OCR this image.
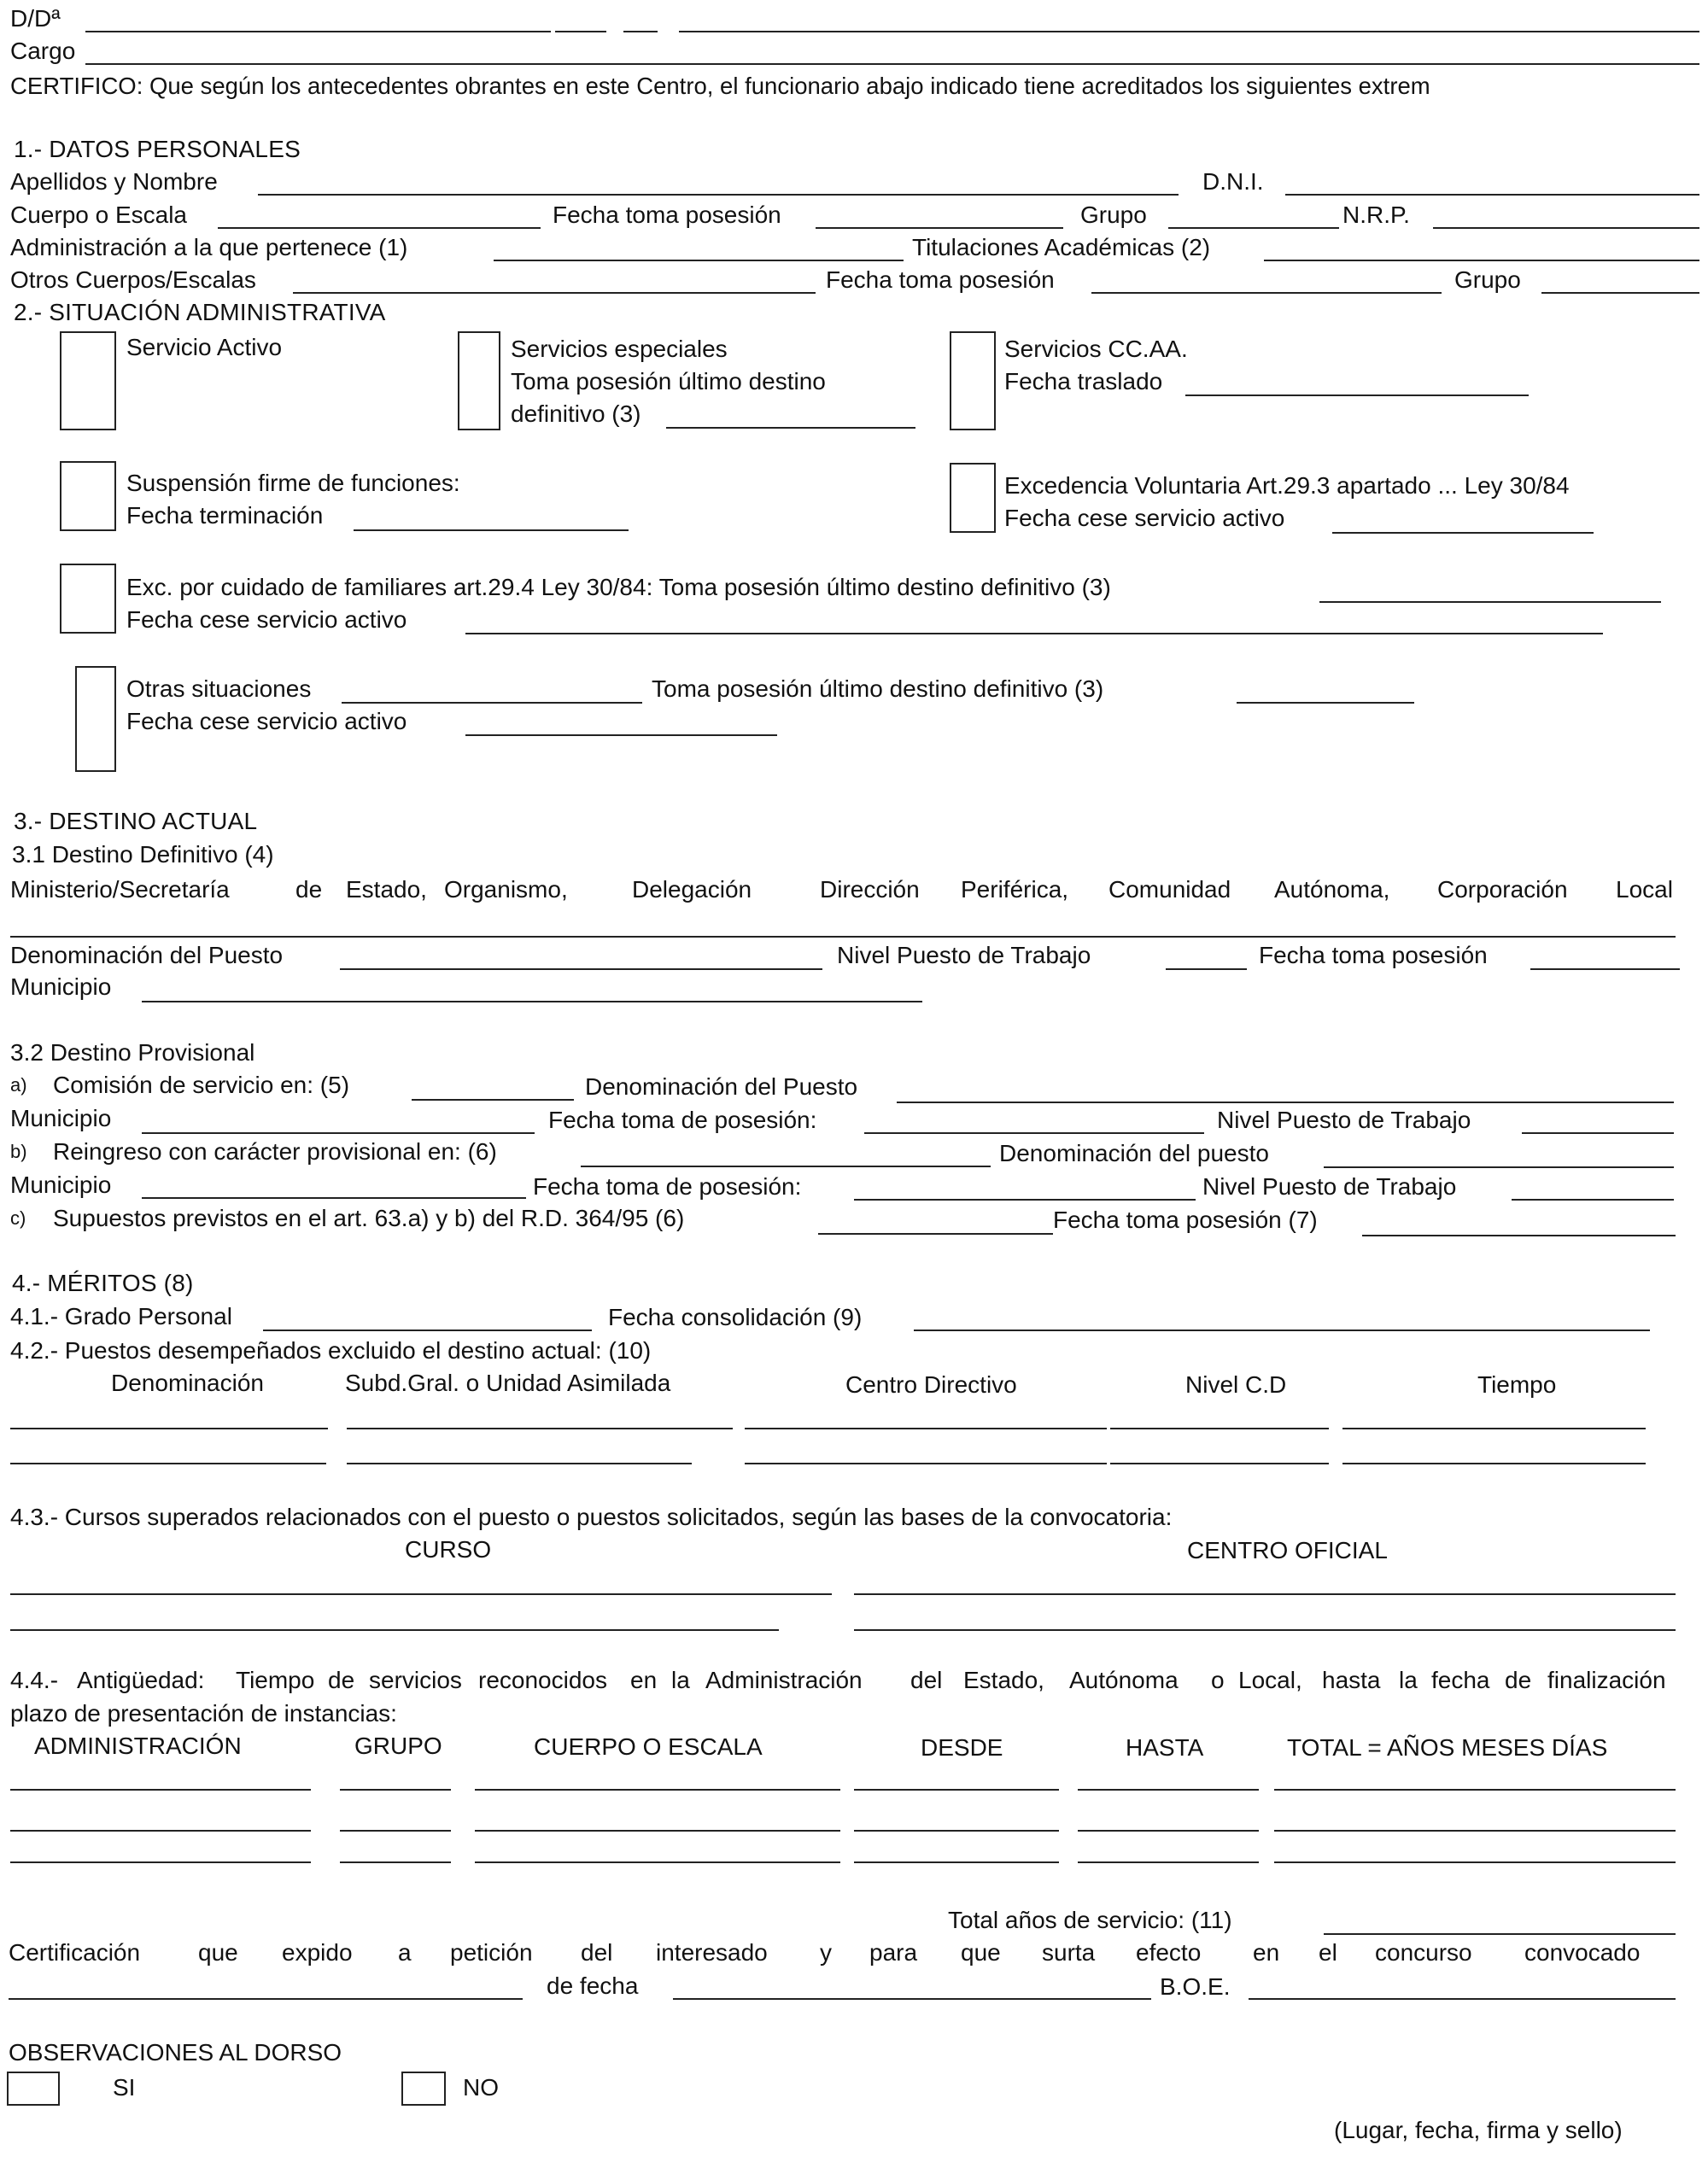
D/Dª
Cargo
CERTIFICO: Que según los antecedentes obrantes en este Centro, el funcionario abajo indicado tiene acreditados los siguientes extrem
1.- DATOS PERSONALES
Apellidos y Nombre	D.N.I.
Cuerpo o Escala	Fecha toma posesión	Grupo	N.R.P.
Administración a la que pertenece (1)	Titulaciones Académicas (2)
Otros Cuerpos/Escalas	Fecha toma posesión	Grupo
2.- SITUACIÓN ADMINISTRATIVA
Servicio Activo	Servicios especiales
Toma posesión último destino
definitivo (3)
Servicios CC.AA.
Fecha traslado
Suspensión firme de funciones:
Fecha terminación
Excedencia Voluntaria Art.29.3 apartado ... Ley 30/84
Fecha cese servicio activo
Exc. por cuidado de familiares art.29.4 Ley 30/84: Toma posesión último destino definitivo (3)
Fecha cese servicio activo
Otras situaciones	Toma posesión último destino definitivo (3)
Fecha cese servicio activo
3.- DESTINO ACTUAL
3.1 Destino Definitivo (4)
Ministerio/Secretaría	de Estado, Organismo,	Delegación	Dirección Periférica, Comunidad Autónoma, Corporación Local
Denominación del Puesto	Nivel Puesto de Trabajo	Fecha toma posesión
Municipio
3.2 Destino Provisional
a) Comisión de servicio en: (5)	Denominación del Puesto
Municipio	Fecha toma de posesión:	Nivel Puesto de Trabajo
b) Reingreso con carácter provisional en: (6)	Denominación del puesto
Municipio	Fecha toma de posesión:	Nivel Puesto de Trabajo
c) Supuestos previstos en el art. 63.a) y b) del R.D. 364/95 (6)	Fecha toma posesión (7)
4.- MÉRITOS (8)
4.1.- Grado Personal	Fecha consolidación (9)
4.2.- Puestos desempeñados excluido el destino actual: (10)
Denominación	Subd.Gral. o Unidad Asimilada	Centro Directivo	Nivel C.D	Tiempo
4.3.- Cursos superados relacionados con el puesto o puestos solicitados, según las bases de la convocatoria:
CURSO	CENTRO OFICIAL
4.4.- Antigüedad: Tiempo de servicios reconocidos en la Administración del Estado, Autónoma o Local, hasta la fecha de finalización
plazo de presentación de instancias:
ADMINISTRACIÓN	GRUPO	CUERPO O ESCALA	DESDE	HASTA	TOTAL = AÑOS MESES DÍAS
Total años de servicio: (11)
Certificación que expido a petición del interesado y para que surta efecto en el concurso convocado
de fecha	B.O.E.
OBSERVACIONES AL DORSO
SI	NO
(Lugar, fecha, firma y sello)
